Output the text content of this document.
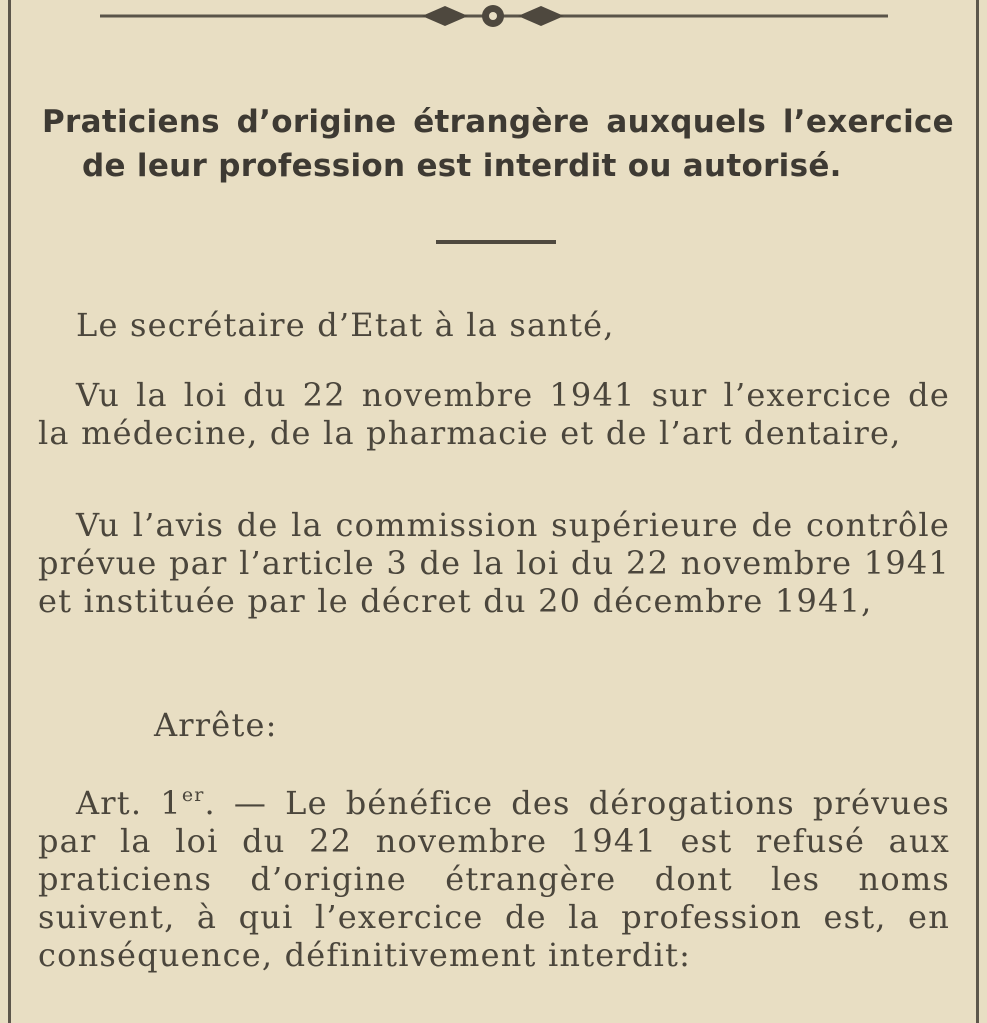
Praticiens d’origine étrangère auxquels l’exercice de leur profession est interdit ou autorisé.

Le secrétaire d’Etat à la santé,

Vu la loi du 22 novembre 1941 sur l’exercice de la médecine, de la pharmacie et de l’art dentaire,

Vu l’avis de la commission supérieure de contrôle prévue par l’article 3 de la loi du 22 novembre 1941 et instituée par le décret du 20 décembre 1941,

Arrête:

Art. 1er. — Le bénéfice des dérogations prévues par la loi du 22 novembre 1941 est refusé aux praticiens d’origine étrangère dont les noms suivent, à qui l’exercice de la profession est, en conséquence, définitivement interdit:
